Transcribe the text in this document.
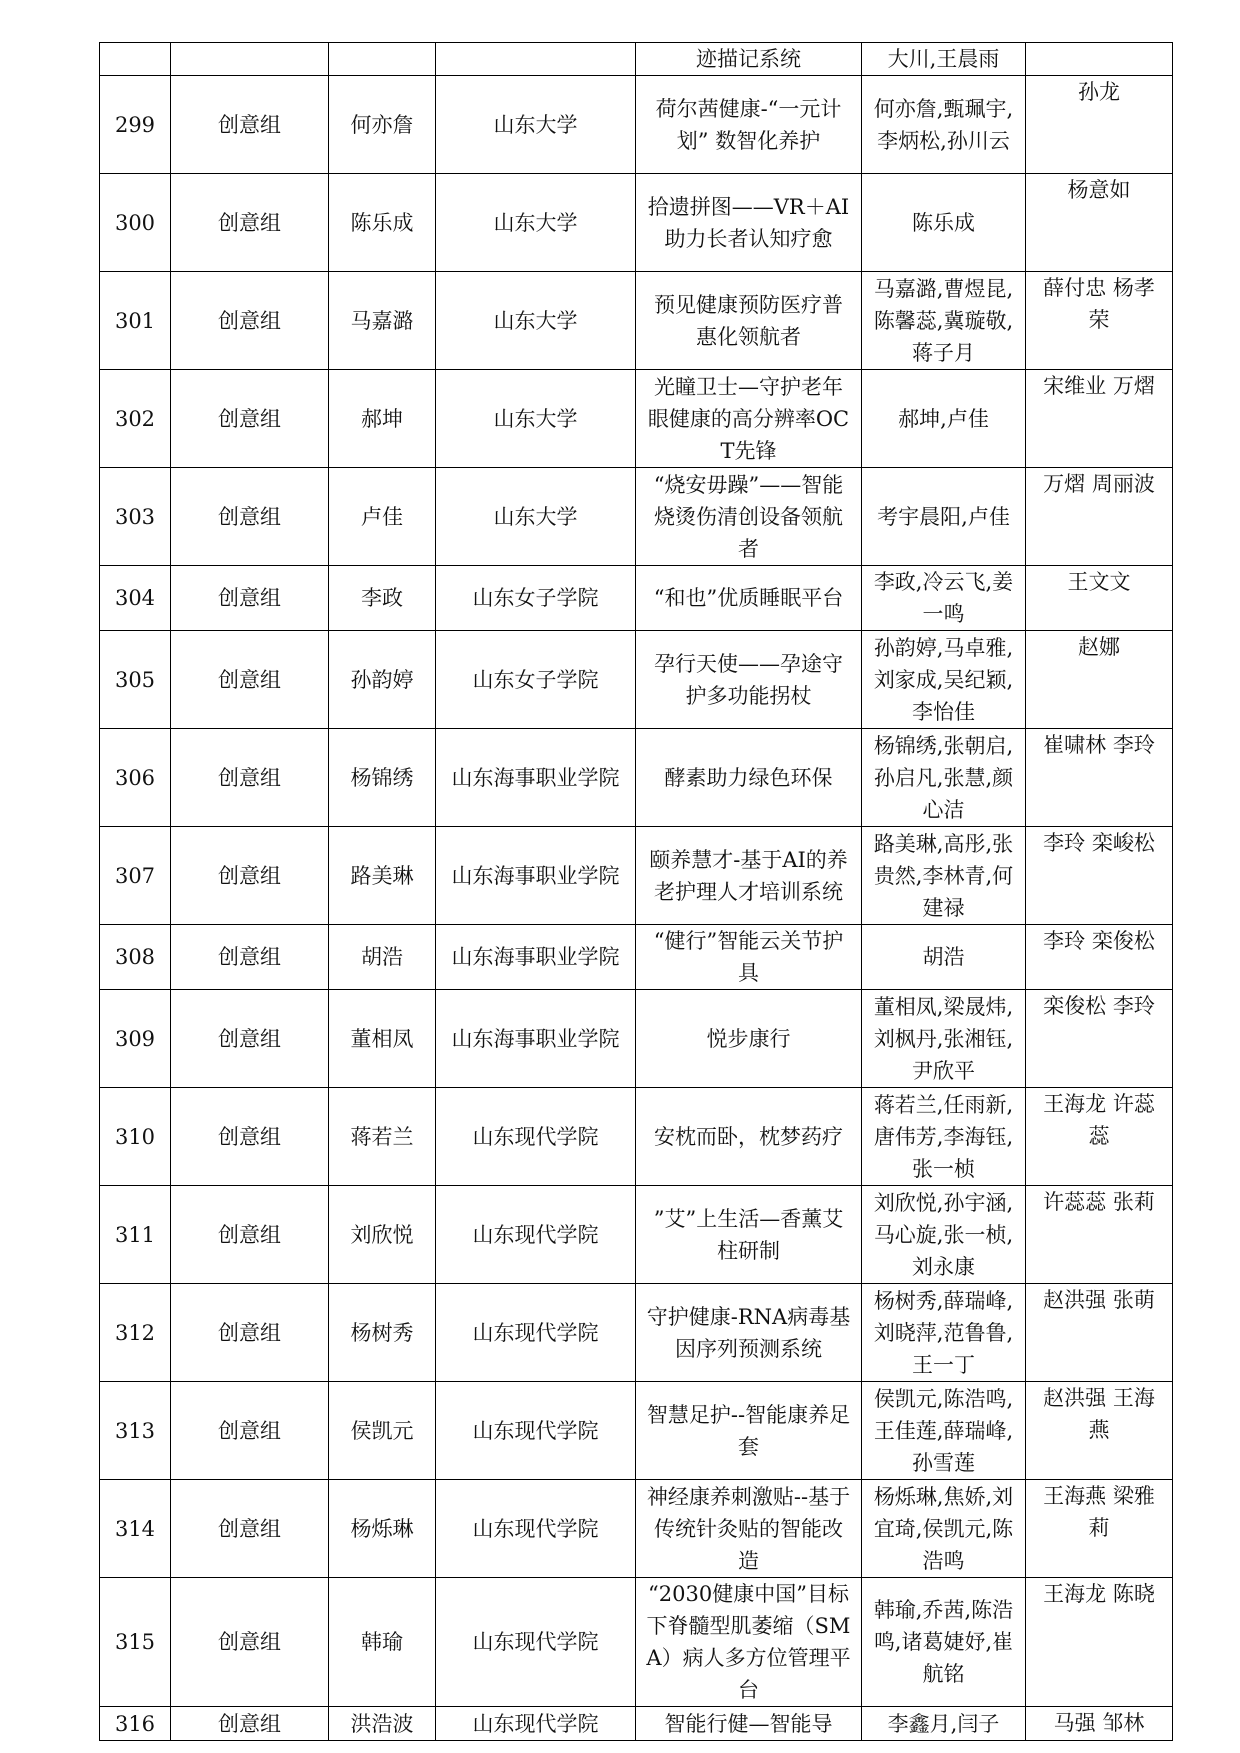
				迹描记系统	大川,王晨雨	
299	创意组	何亦詹	山东大学	荷尔茜健康-“一元计划” 数智化养护	何亦詹,甄珮宇,李炳松,孙川云	孙龙
300	创意组	陈乐成	山东大学	拾遗拼图——VR＋AI助力长者认知疗愈	陈乐成	杨意如
301	创意组	马嘉潞	山东大学	预见健康预防医疗普惠化领航者	马嘉潞,曹煜昆,陈馨蕊,冀璇敬,蒋子月	薛付忠 杨孝荣
302	创意组	郝坤	山东大学	光瞳卫士—守护老年眼健康的高分辨率OCT先锋	郝坤,卢佳	宋维业 万熠
303	创意组	卢佳	山东大学	“烧安毋躁”——智能烧烫伤清创设备领航者	考宇晨阳,卢佳	万熠 周丽波
304	创意组	李政	山东女子学院	“和也”优质睡眠平台	李政,冷云飞,姜一鸣	王文文
305	创意组	孙韵婷	山东女子学院	孕行天使——孕途守护多功能拐杖	孙韵婷,马卓雅,刘家成,吴纪颖,李怡佳	赵娜
306	创意组	杨锦绣	山东海事职业学院	酵素助力绿色环保	杨锦绣,张朝启,孙启凡,张慧,颜心洁	崔啸林 李玲
307	创意组	路美琳	山东海事职业学院	颐养慧才-基于AI的养老护理人才培训系统	路美琳,高彤,张贵然,李林青,何建禄	李玲 栾峻松
308	创意组	胡浩	山东海事职业学院	“健行”智能云关节护具	胡浩	李玲 栾俊松
309	创意组	董相凤	山东海事职业学院	悦步康行	董相凤,梁晟炜,刘枫丹,张湘钰,尹欣平	栾俊松 李玲
310	创意组	蒋若兰	山东现代学院	安枕而卧，枕梦药疗	蒋若兰,任雨新,唐伟芳,李海钰,张一桢	王海龙 许蕊蕊
311	创意组	刘欣悦	山东现代学院	”艾”上生活—香薰艾柱研制	刘欣悦,孙宇涵,马心旋,张一桢,刘永康	许蕊蕊 张莉
312	创意组	杨树秀	山东现代学院	守护健康-RNA病毒基因序列预测系统	杨树秀,薛瑞峰,刘晓萍,范鲁鲁,王一丁	赵洪强 张萌
313	创意组	侯凯元	山东现代学院	智慧足护--智能康养足套	侯凯元,陈浩鸣,王佳莲,薛瑞峰,孙雪莲	赵洪强 王海燕
314	创意组	杨烁琳	山东现代学院	神经康养刺激贴--基于传统针灸贴的智能改造	杨烁琳,焦娇,刘宜琦,侯凯元,陈浩鸣	王海燕 梁雅莉
315	创意组	韩瑜	山东现代学院	“2030健康中国”目标下脊髓型肌萎缩（SMA）病人多方位管理平台	韩瑜,乔茜,陈浩鸣,诸葛婕妤,崔航铭	王海龙 陈晓
316	创意组	洪浩波	山东现代学院	智能行健—智能导	李鑫月,闫子	马强 邹林
